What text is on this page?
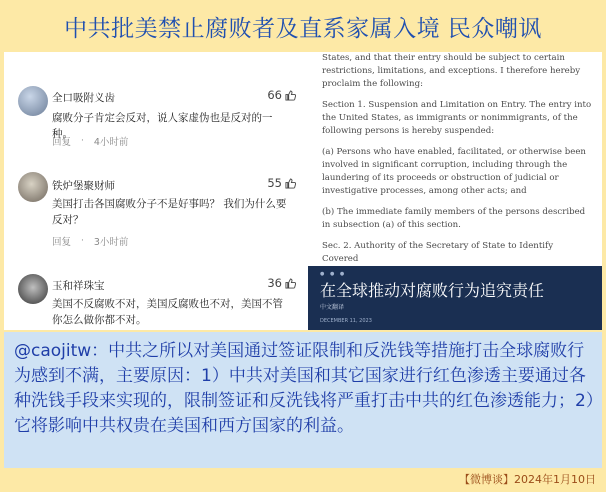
中共批美禁止腐败者及直系家属入境 民众嘲讽
全口吸附义齿	66
腐败分子肯定会反对，说人家虚伪也是反对的一种。
回复 · 4小时前
铁炉堡聚财师	55
美国打击各国腐败分子不是好事吗？ 我们为什么要反对？
回复 · 3小时前
玉和祥珠宝	36
美国不反腐败不对，美国反腐败也不对，美国不管你怎么做你都不对。

States, and that their entry should be subject to certain restrictions, limitations, and exceptions. I therefore hereby proclaim the following:

Section 1. Suspension and Limitation on Entry. The entry into the United States, as immigrants or nonimmigrants, of the following persons is hereby suspended:

(a) Persons who have enabled, facilitated, or otherwise been involved in significant corruption, including through the laundering of its proceeds or obstruction of judicial or investigative processes, among other acts; and

(b) The immediate family members of the persons described in subsection (a) of this section.

Sec. 2. Authority of the Secretary of State to Identify Covered

● ● ●
在全球推动对腐败行为追究责任
中文翻译
DECEMBER 11, 2023
@caojitw：中共之所以对美国通过签证限制和反洗钱等措施打击全球腐败行为感到不满，主要原因：1）中共对美国和其它国家进行红色渗透主要通过各种洗钱手段来实现的，限制签证和反洗钱将严重打击中共的红色渗透能力；2）它将影响中共权贵在美国和西方国家的利益。
【微博谈】2024年1月10日
